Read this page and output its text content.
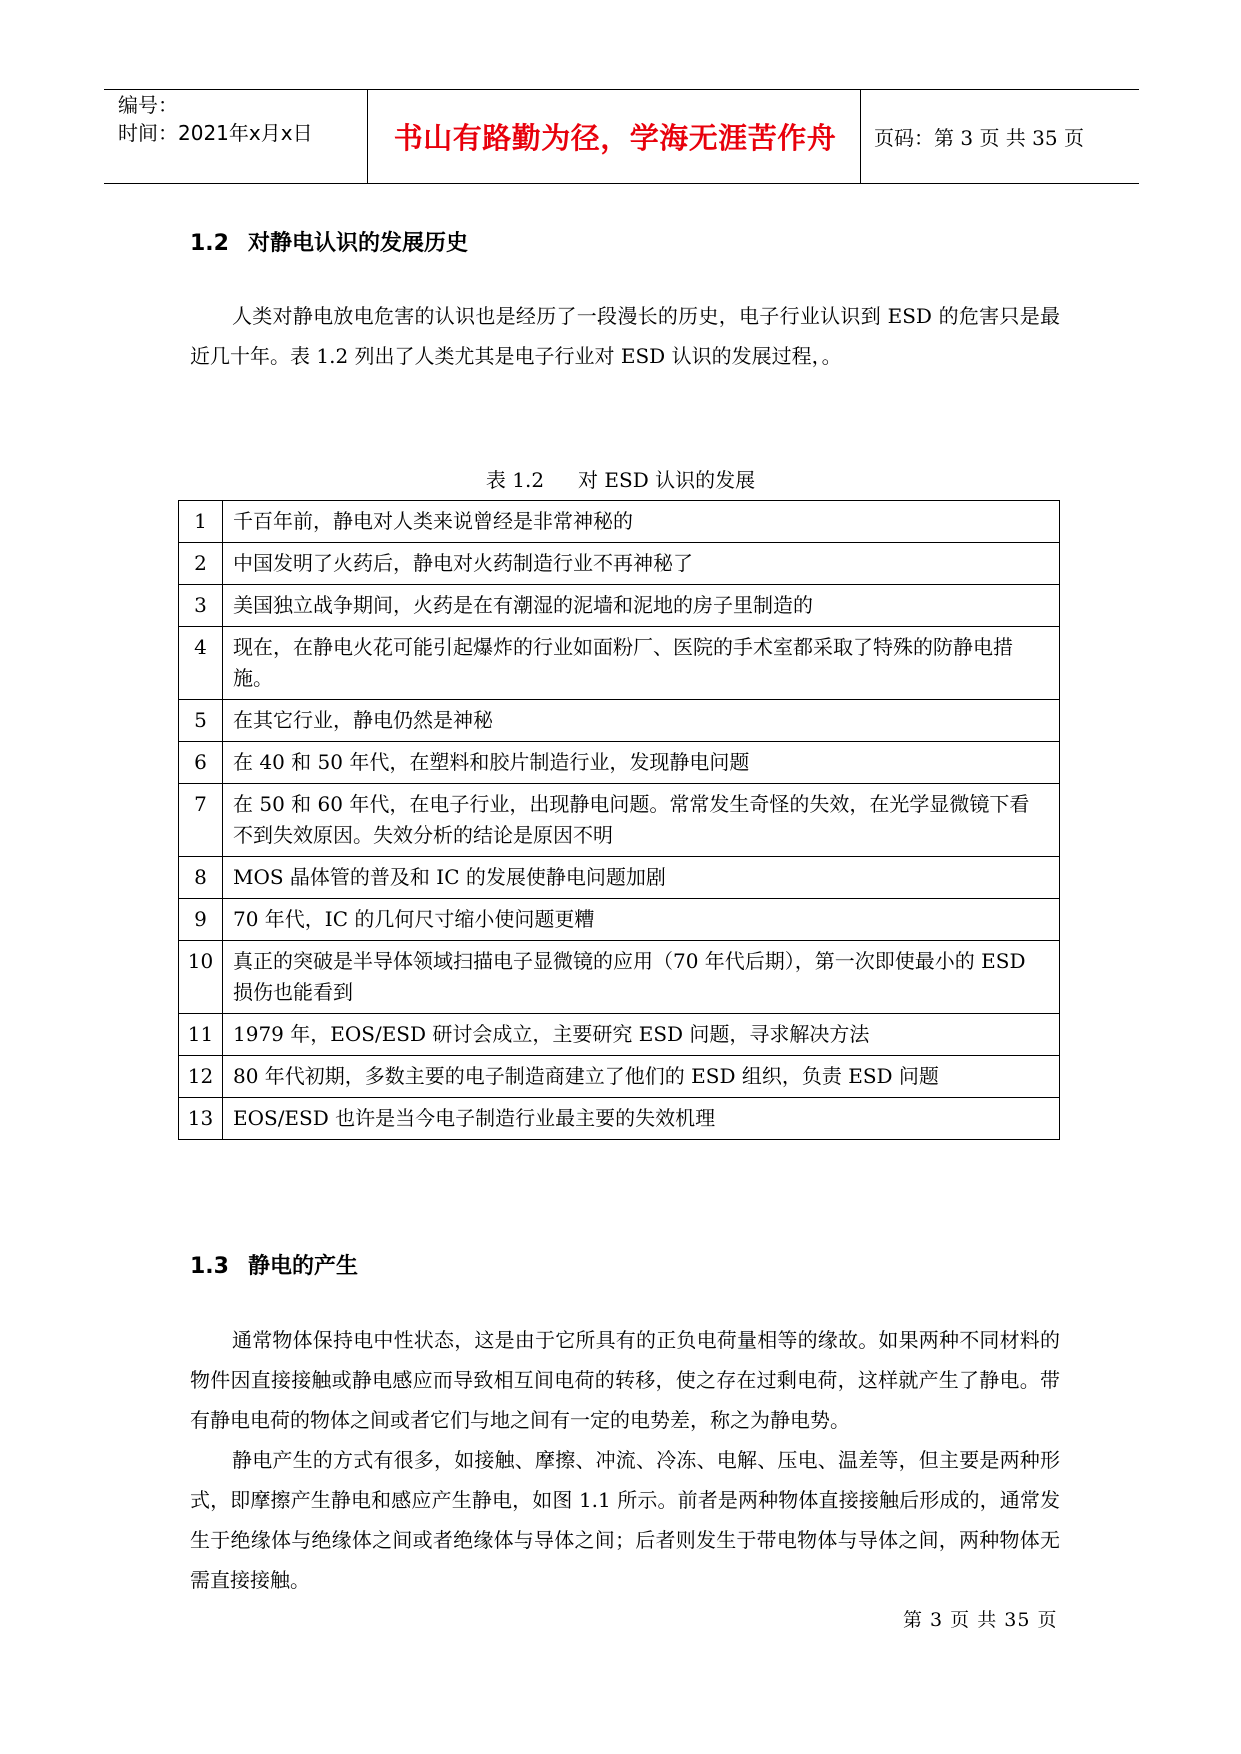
编号：
时间：2021年x月x日	书山有路勤为径，学海无涯苦作舟	页码：第 3 页 共 35 页
1.2 对静电认识的发展历史

人类对静电放电危害的认识也是经历了一段漫长的历史，电子行业认识到 ESD 的危害只是最近几十年。表 1.2 列出了人类尤其是电子行业对 ESD 认识的发展过程，。

表 1.2 对 ESD 认识的发展
1	千百年前，静电对人类来说曾经是非常神秘的
2	中国发明了火药后，静电对火药制造行业不再神秘了
3	美国独立战争期间，火药是在有潮湿的泥墙和泥地的房子里制造的
4	现在，在静电火花可能引起爆炸的行业如面粉厂、医院的手术室都采取了特殊的防静电措施。
5	在其它行业，静电仍然是神秘
6	在 40 和 50 年代，在塑料和胶片制造行业，发现静电问题
7	在 50 和 60 年代，在电子行业，出现静电问题。常常发生奇怪的失效，在光学显微镜下看不到失效原因。失效分析的结论是原因不明
8	MOS 晶体管的普及和 IC 的发展使静电问题加剧
9	70 年代，IC 的几何尺寸缩小使问题更糟
10	真正的突破是半导体领域扫描电子显微镜的应用（70 年代后期），第一次即使最小的 ESD 损伤也能看到
11	1979 年，EOS/ESD 研讨会成立，主要研究 ESD 问题，寻求解决方法
12	80 年代初期，多数主要的电子制造商建立了他们的 ESD 组织，负责 ESD 问题
13	EOS/ESD 也许是当今电子制造行业最主要的失效机理
1.3 静电的产生

通常物体保持电中性状态，这是由于它所具有的正负电荷量相等的缘故。如果两种不同材料的物件因直接接触或静电感应而导致相互间电荷的转移，使之存在过剩电荷，这样就产生了静电。带有静电电荷的物体之间或者它们与地之间有一定的电势差，称之为静电势。

静电产生的方式有很多，如接触、摩擦、冲流、冷冻、电解、压电、温差等，但主要是两种形式，即摩擦产生静电和感应产生静电，如图 1.1 所示。前者是两种物体直接接触后形成的，通常发生于绝缘体与绝缘体之间或者绝缘体与导体之间；后者则发生于带电物体与导体之间，两种物体无需直接接触。

第 3 页 共 35 页
